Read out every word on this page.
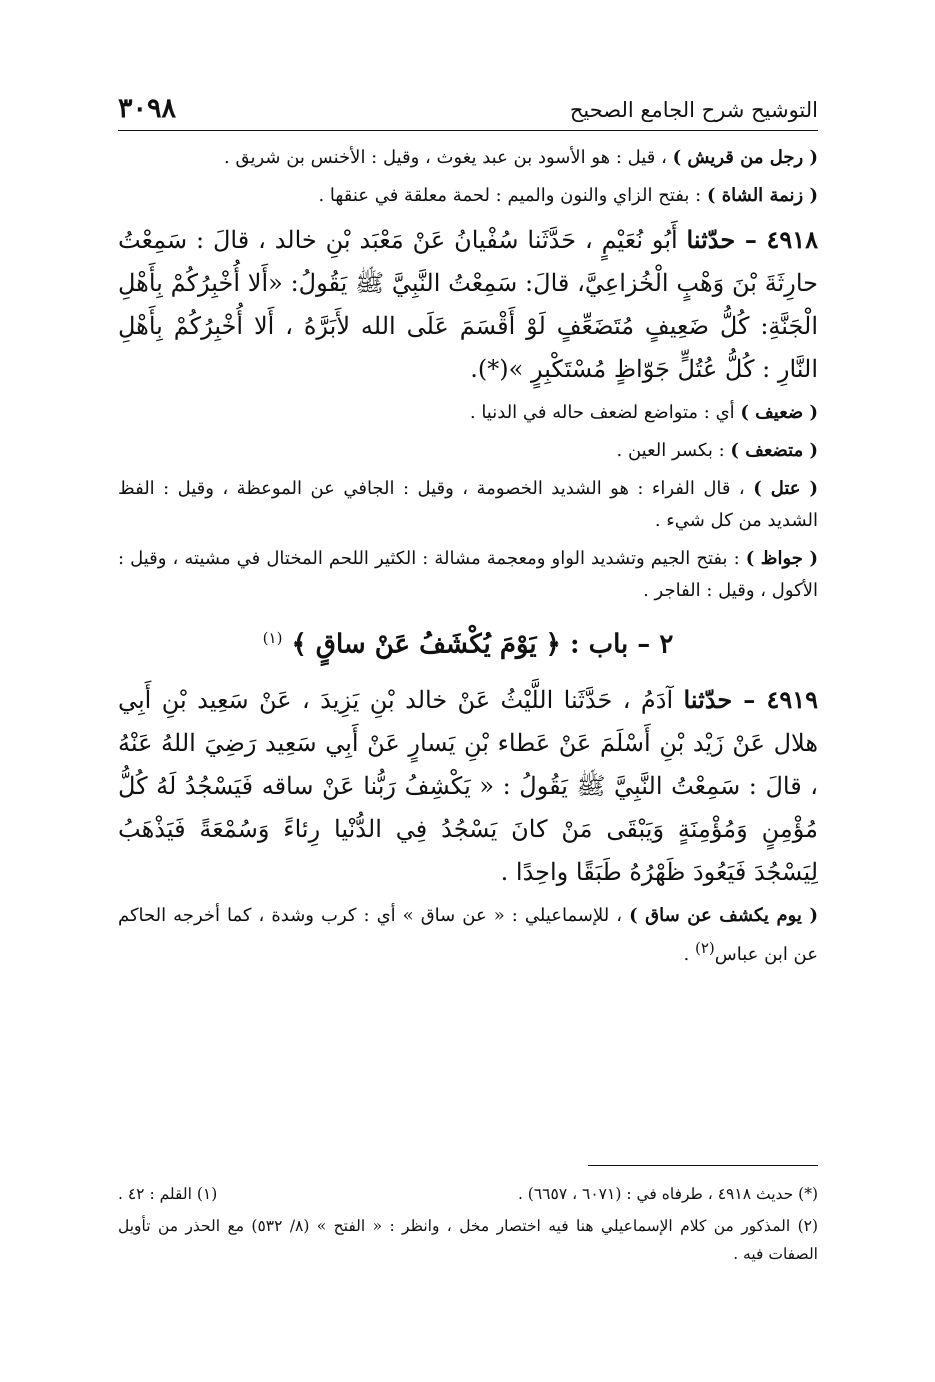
التوشيح شرح الجامع الصحيح
٣٠٩٨

( رجل من قريش ) ، قيل : هو الأسود بن عبد يغوث ، وقيل : الأخنس بن شريق .

( زنمة الشاة ) : بفتح الزاي والنون والميم : لحمة معلقة في عنقها .

٤٩١٨ – حدّثنا أَبُو نُعَيْمٍ ، حَدَّثَنا سُفْيانُ عَنْ مَعْبَد بْنِ خالد ، قالَ : سَمِعْتُ حارِثَةَ بْنَ وَهْبٍ الْخُزاعِيَّ، قالَ: سَمِعْتُ النَّبِيَّ ﷺ يَقُولُ: «أَلا أُخْبِرُكُمْ بِأَهْلِ الْجَنَّةِ: كُلُّ ضَعِيفٍ مُتَضَعِّفٍ لَوْ أَقْسَمَ عَلَى الله لأَبَرَّهُ ، أَلا أُخْبِرُكُمْ بِأَهْلِ النَّارِ : كُلُّ عُتُلٍّ جَوّاظٍ مُسْتَكْبِرٍ »(*).

( ضعيف ) أي : متواضع لضعف حاله في الدنيا .

( متضعف ) : بكسر العين .

( عتل ) ، قال الفراء : هو الشديد الخصومة ، وقيل : الجافي عن الموعظة ، وقيل : الفظ الشديد من كل شيء .

( جواظ ) : بفتح الجيم وتشديد الواو ومعجمة مشالة : الكثير اللحم المختال في مشيته ، وقيل : الأكول ، وقيل : الفاجر .

٢ – باب : ﴿ يَوْمَ يُكْشَفُ عَنْ ساقٍ ﴾ $^{(١)}$

٤٩١٩ – حدّثنا آدَمُ ، حَدَّثَنا اللَّيْثُ عَنْ خالد بْنِ يَزِيدَ ، عَنْ سَعِيد بْنِ أَبِي هلال عَنْ زَيْد بْنِ أَسْلَمَ عَنْ عَطاء بْنِ يَسارٍ عَنْ أَبِي سَعِيد رَضِيَ اللهُ عَنْهُ ، قالَ : سَمِعْتُ النَّبِيَّ ﷺ يَقُولُ : « يَكْشِفُ رَبُّنا عَنْ ساقه فَيَسْجُدُ لَهُ كُلُّ مُؤْمِنٍ وَمُؤْمِنَةٍ وَيَبْقَى مَنْ كانَ يَسْجُدُ فِي الدُّنْيا رِئاءً وَسُمْعَةً فَيَذْهَبُ لِيَسْجُدَ فَيَعُودَ ظَهْرُهُ طَبَقًا واحِدًا .

( يوم يكشف عن ساق ) ، للإسماعيلي : « عن ساق » أي : كرب وشدة ، كما أخرجه الحاكم عن ابن عباس$^{(٢)}$ .

(*) حديث ٤٩١٨ ، طرفاه في : (٦٠٧١ ، ٦٦٥٧) .
(١) القلم : ٤٢ .

(٢) المذكور من كلام الإسماعيلي هنا فيه اختصار مخل ، وانظر : « الفتح » (٨/ ٥٣٢) مع الحذر من تأويل الصفات فيه .
